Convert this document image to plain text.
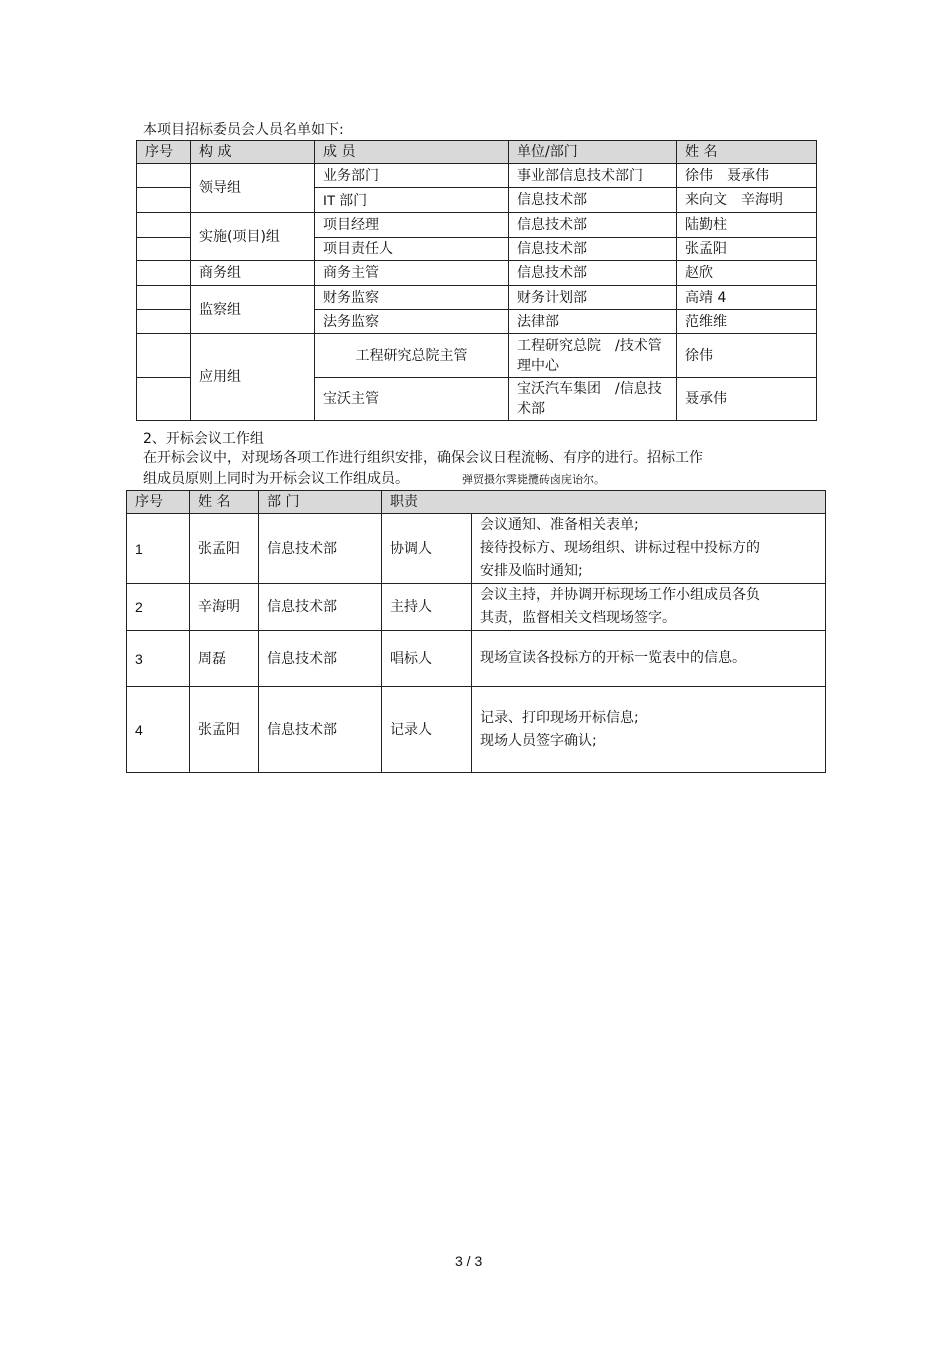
本项目招标委员会人员名单如下:
序号	构 成	成 员	单位/部门	姓 名
	领导组	业务部门	事业部信息技术部门	徐伟　聂承伟
		IT 部门	信息技术部	来向文　辛海明
	实施(项目)组	项目经理	信息技术部	陆勤柱
		项目责任人	信息技术部	张孟阳
	商务组	商务主管	信息技术部	赵欣
	监察组	财务监察	财务计划部	高靖 4
		法务监察	法律部	范维维
	应用组	工程研究总院主管	工程研究总院　/技术管理中心	徐伟
		宝沃主管	宝沃汽车集团　/信息技术部	聂承伟
2、开标会议工作组
在开标会议中，对现场各项工作进行组织安排，确保会议日程流畅、有序的进行。招标工作
组成员原则上同时为开标会议工作组成员。	弹贸摄尔霁毙攬砖卤庑诒尔。
序号	姓 名	部 门	职责	
1	张孟阳	信息技术部	协调人	会议通知、准备相关表单;
接待投标方、现场组织、讲标过程中投标方的
安排及临时通知;

2	辛海明	信息技术部	主持人	会议主持，并协调开标现场工作小组成员各负
其责，监督相关文档现场签字。

3	周磊	信息技术部	唱标人	现场宣读各投标方的开标一览表中的信息。

4	张孟阳	信息技术部	记录人	记录、打印现场开标信息;
现场人员签字确认;
3 / 3
